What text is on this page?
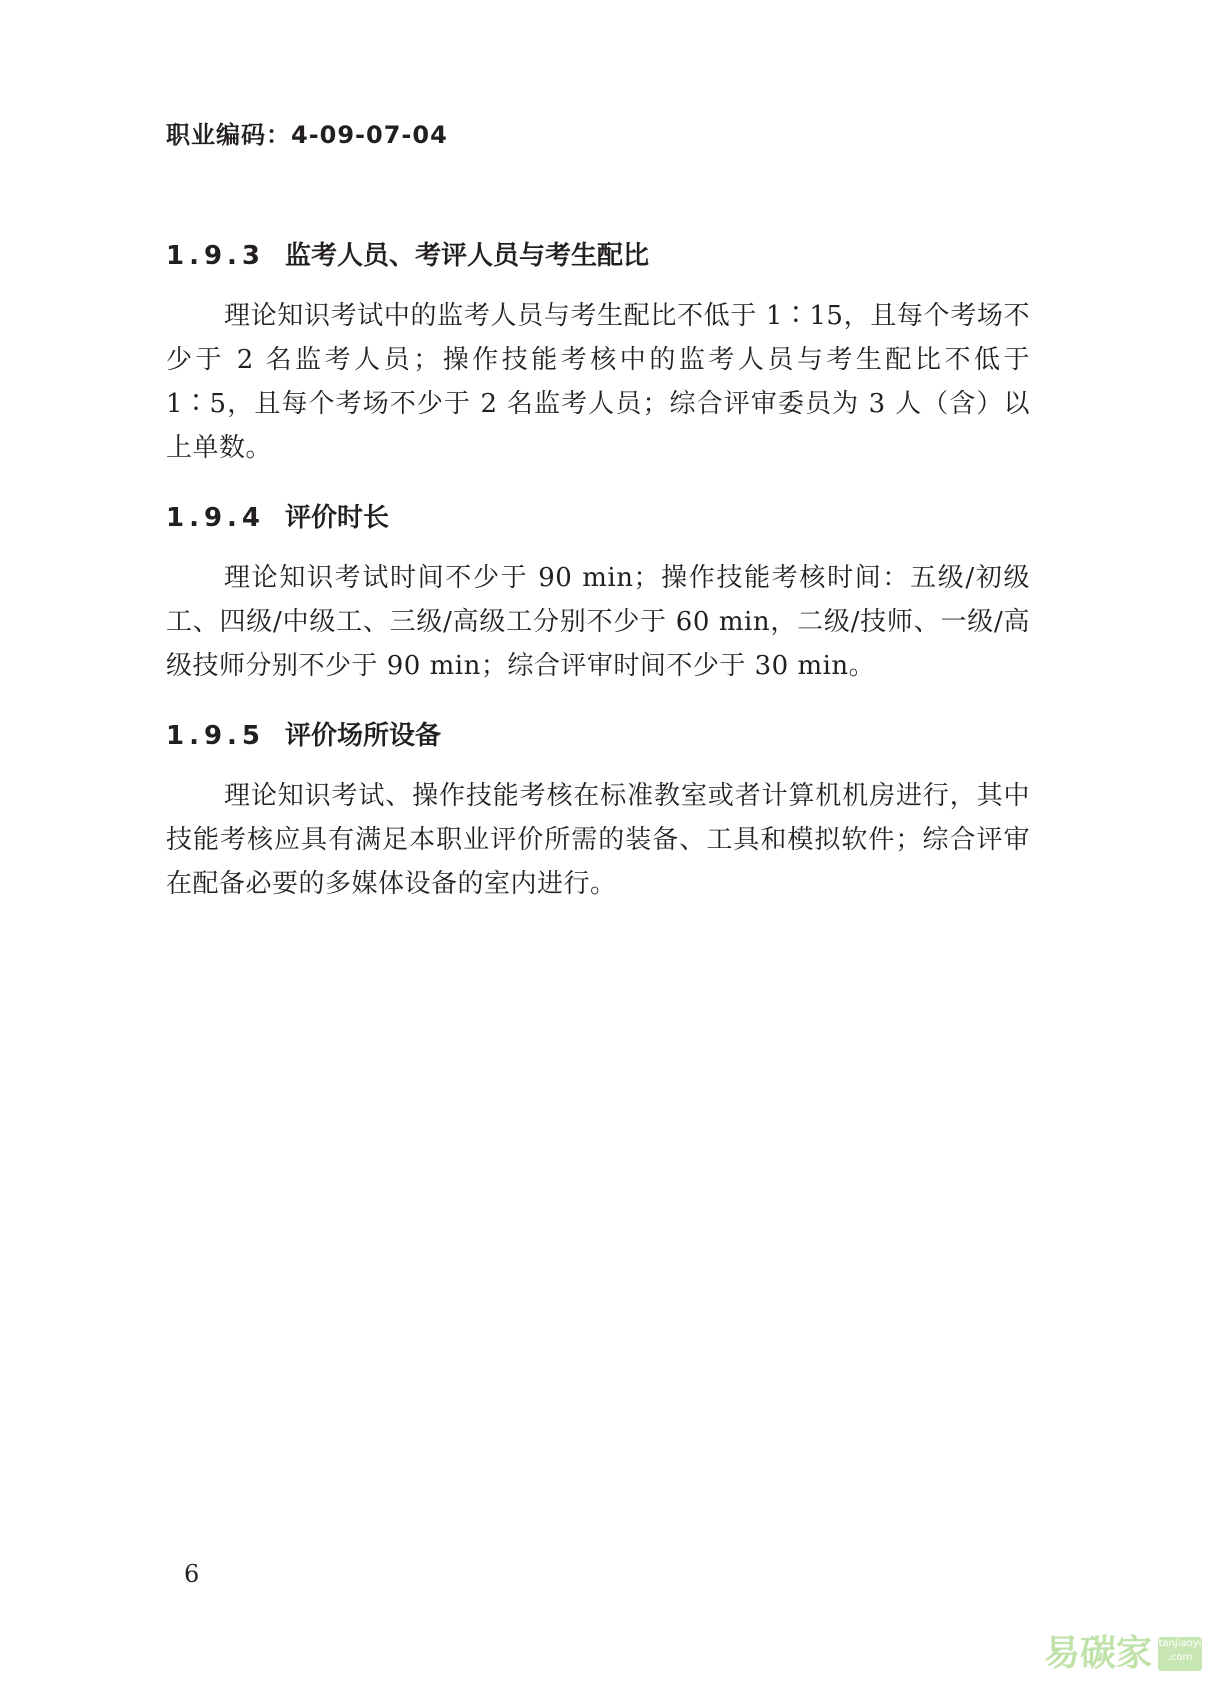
职业编码：4-09-07-04
1.9.3 监考人员、考评人员与考生配比

理论知识考试中的监考人员与考生配比不低于 1∶15，且每个考场不少于 2 名监考人员；操作技能考核中的监考人员与考生配比不低于 1∶5，且每个考场不少于 2 名监考人员；综合评审委员为 3 人（含）以上单数。

1.9.4 评价时长

理论知识考试时间不少于 90 min；操作技能考核时间：五级/初级工、四级/中级工、三级/高级工分别不少于 60 min，二级/技师、一级/高级技师分别不少于 90 min；综合评审时间不少于 30 min。

1.9.5 评价场所设备

理论知识考试、操作技能考核在标准教室或者计算机机房进行，其中技能考核应具有满足本职业评价所需的装备、工具和模拟软件；综合评审在配备必要的多媒体设备的室内进行。

6
易碳家 tanjiaoyi
.com
